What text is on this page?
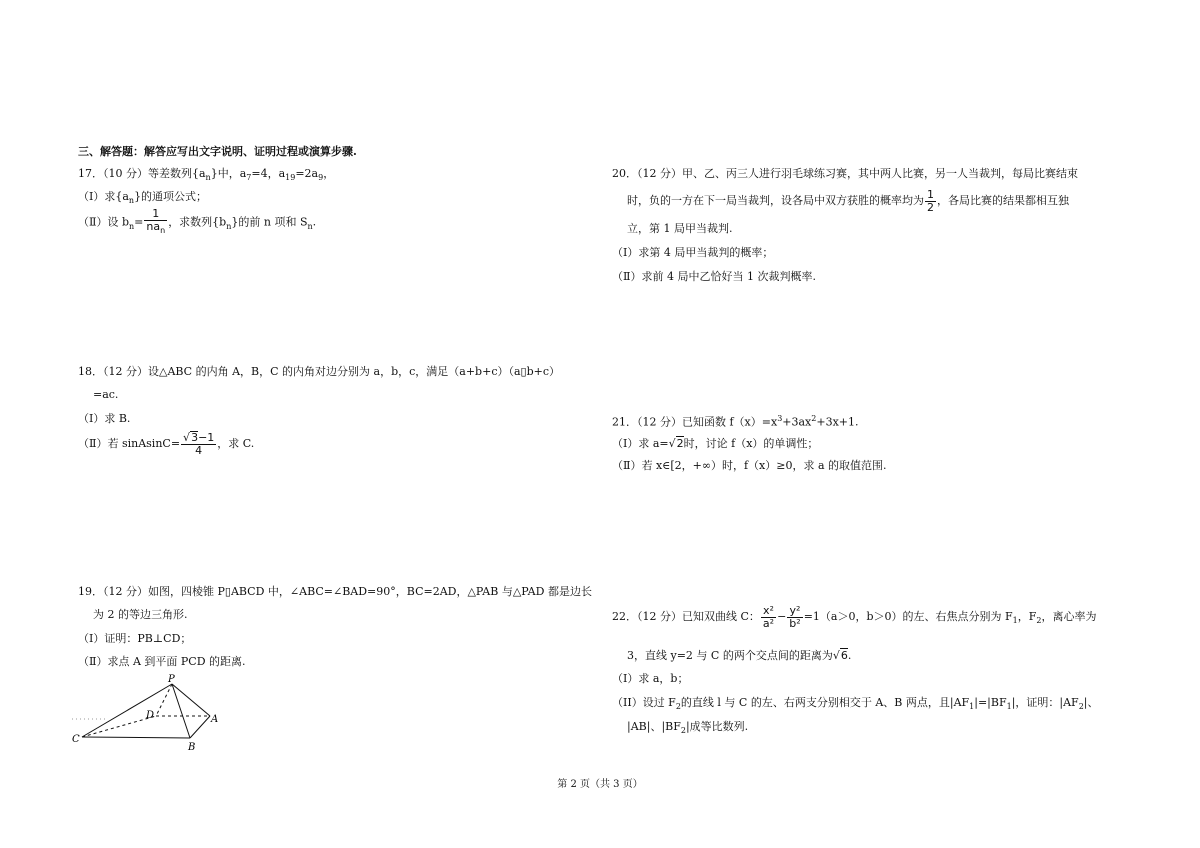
三、解答题：解答应写出文字说明、证明过程或演算步骤.
17．（10 分）等差数列$\{a_n\}$中，$a_7=4$，$a_{19}=2a_9$，
（Ⅰ）求$\{a_n\}$的通项公式；
（Ⅱ）设 $b_n= \frac{1}{na_n}$ ，求数列$\{b_n\}$的前 n 项和 $S_n$.
18．（12 分）设△ABC 的内角 A，B，C 的内角对边分别为 a，b，c，满足（a+b+c）（a▯b+c）
=ac.
（Ⅰ）求 B.
（Ⅱ）若 sinAsinC= $\frac{√3-1}{4}$ ，求 C.
19．（12 分）如图，四棱锥 P▯ABCD 中，∠ABC=∠BAD=90°，BC=2AD，△PAB 与△PAD 都是边长
为 2 的等边三角形.
（Ⅰ）证明：PB⊥CD；
（Ⅱ）求点 A 到平面 PCD 的距离.
P
D	A
C
B
20．（12 分）甲、乙、丙三人进行羽毛球练习赛，其中两人比赛，另一人当裁判，每局比赛结束
时，负的一方在下一局当裁判，设各局中双方获胜的概率均为 $\frac{1}{2}$ ，各局比赛的结果都相互独
立，第 1 局甲当裁判.
（Ⅰ）求第 4 局甲当裁判的概率；
（Ⅱ）求前 4 局中乙恰好当 1 次裁判概率.
21．（12 分）已知函数 $f(x)=x^3+3ax^2+3x+1$.
（Ⅰ）求 a=√2时，讨论 f（x）的单调性；
（Ⅱ）若 x∈[2，+∞）时，f（x）≥0，求 a 的取值范围.
22．（12 分）已知双曲线 C： $\frac{\text{x²}}{\text{a²}} - \frac{\text{y²}}{\text{b²}} =1(a>0$，b＞0）的左、右焦点分别为 $F_1$，$F_2$，离心率为
3，直线 y=2 与 C 的两个交点间的距离为√6.
（I）求 a，b；
（II）设过 $F_2$的直线 l 与 C 的左、右两支分别相交于 A、B 两点，且$|AF_1|=|BF_1|$，证明：$|AF_2|$、
|AB|、$|BF_2|$成等比数列.
第 2 页（共 3 页）
